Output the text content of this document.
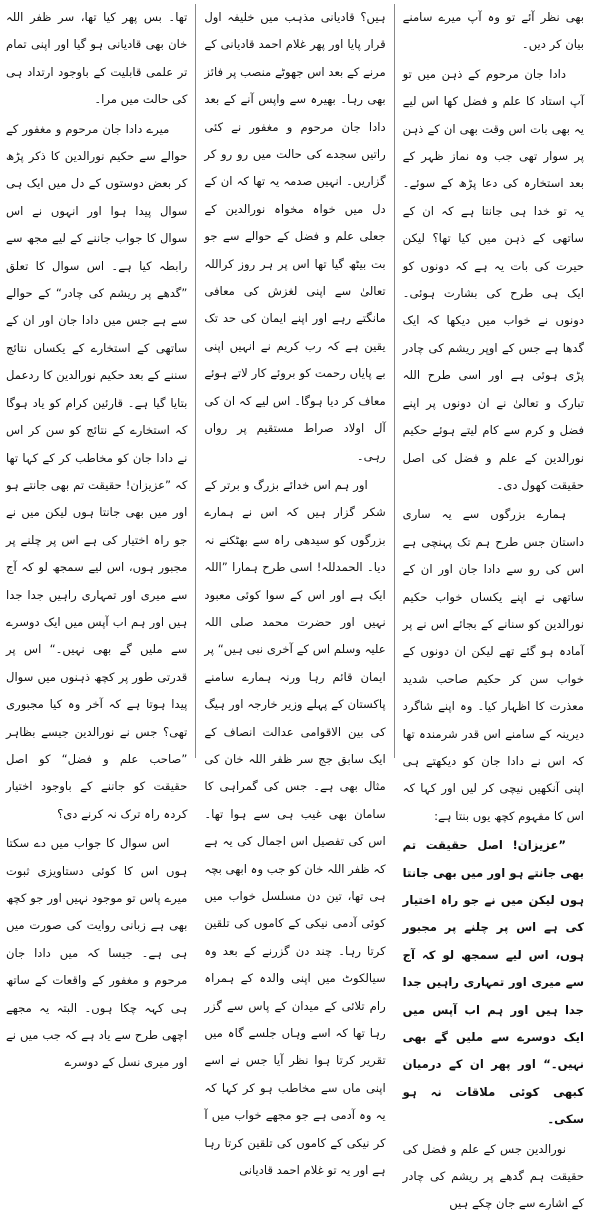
بھی نظر آئے تو وہ آپ میرے سامنے بیان کر دیں۔

دادا جان مرحوم کے ذہن میں تو آپ استاد کا علم و فضل کھا اس لیے یہ بھی بات اس وقت بھی ان کے ذہن پر سوار تھی جب وہ نماز ظہر کے بعد استخارہ کی دعا پڑھ کے سوئے۔ یہ تو خدا ہی جانتا ہے کہ ان کے ساتھی کے ذہن میں کیا تھا؟ لیکن حیرت کی بات یہ ہے کہ دونوں کو ایک ہی طرح کی بشارت ہوئی۔ دونوں نے خواب میں دیکھا کہ ایک گدھا ہے جس کے اوپر ریشم کی چادر پڑی ہوئی ہے اور اسی طرح اللہ تبارک و تعالیٰ نے ان دونوں پر اپنے فضل و کرم سے کام لیتے ہوئے حکیم نورالدین کے علم و فضل کی اصل حقیقت کھول دی۔

ہمارے بزرگوں سے یہ ساری داستان جس طرح ہم تک پہنچی ہے اس کی رو سے دادا جان اور ان کے ساتھی نے اپنے یکساں خواب حکیم نورالدین کو سنانے کے بجائے اس نے پر آمادہ ہو گئے تھے لیکن ان دونوں کے خواب سن کر حکیم صاحب شدید معذرت کا اظہار کیا۔ وہ اپنے شاگرد دیرینہ کے سامنے اس قدر شرمندہ تھا کہ اس نے دادا جان کو دیکھتے ہی اپنی آنکھیں نیچی کر لیں اور کہا کہ اس کا مفہوم کچھ یوں بنتا ہے:

”عزیزان! اصل حقیقت تم بھی جانتے ہو اور میں بھی جانتا ہوں لیکن میں نے جو راہ اختیار کی ہے اس پر چلنے پر مجبور ہوں، اس لیے سمجھ لو کہ آج سے میری اور تمہاری راہیں جدا جدا ہیں اور ہم اب آپس میں ایک دوسرے سے ملیں گے بھی نہیں۔“ اور پھر ان کے درمیان کبھی کوئی ملاقات نہ ہو سکی۔

نورالدین جس کے علم و فضل کی حقیقت ہم گدھے پر ریشم کی چادر کے اشارے سے جان چکے ہیں

ہیں؟ قادیانی مذہب میں خلیفہ اول قرار پایا اور پھر غلام احمد قادیانی کے مرنے کے بعد اس جھوٹے منصب پر فائز بھی رہا۔ بھیرہ سے واپس آنے کے بعد دادا جان مرحوم و مغفور نے کئی راتیں سجدے کی حالت میں رو رو کر گزاریں۔ انہیں صدمہ یہ تھا کہ ان کے دل میں خواہ مخواہ نورالدین کے جعلی علم و فضل کے حوالے سے جو بت بیٹھ گیا تھا اس پر ہر روز کراللہ تعالیٰ سے اپنی لغزش کی معافی مانگتے رہے اور اپنے ایمان کی حد تک یقین ہے کہ رب کریم نے انہیں اپنی بے پایاں رحمت کو بروئے کار لاتے ہوئے معاف کر دیا ہوگا۔ اس لیے کہ ان کی آل اولاد صراط مستقیم پر رواں رہی۔

اور ہم اس خدائے بزرگ و برتر کے شکر گزار ہیں کہ اس نے ہمارے بزرگوں کو سیدھی راہ سے بھٹکنے نہ دیا۔ الحمدللہ! اسی طرح ہمارا ”اللہ ایک ہے اور اس کے سوا کوئی معبود نہیں اور حضرت محمد صلی اللہ علیہ وسلم اس کے آخری نبی ہیں“ پر ایمان قائم رہا ورنہ ہمارے سامنے پاکستان کے پہلے وزیر خارجہ اور ہیگ کی بین الاقوامی عدالت انصاف کے ایک سابق جج سر ظفر اللہ خان کی مثال بھی ہے۔ جس کی گمراہی کا سامان بھی غیب ہی سے ہوا تھا۔ اس کی تفصیل اس اجمال کی یہ ہے کہ ظفر اللہ خان کو جب وہ ابھی بچہ ہی تھا، تین دن مسلسل خواب میں کوئی آدمی نیکی کے کاموں کی تلقین کرتا رہا۔ چند دن گزرنے کے بعد وہ سیالکوٹ میں اپنی والدہ کے ہمراہ رام تلائی کے میدان کے پاس سے گزر رہا تھا کہ اسے وہاں جلسے گاہ میں تقریر کرتا ہوا نظر آیا جس نے اسے اپنی ماں سے مخاطب ہو کر کہا کہ یہ وہ آدمی ہے جو مجھے خواب میں آ کر نیکی کے کاموں کی تلقین کرتا رہا ہے اور یہ تو غلام احمد قادیانی

تھا۔ بس پھر کیا تھا، سر ظفر اللہ خان بھی قادیانی ہو گیا اور اپنی تمام تر علمی قابلیت کے باوجود ارتداد ہی کی حالت میں مرا۔

میرے دادا جان مرحوم و مغفور کے حوالے سے حکیم نورالدین کا ذکر پڑھ کر بعض دوستوں کے دل میں ایک ہی سوال پیدا ہوا اور انہوں نے اس سوال کا جواب جاننے کے لیے مجھ سے رابطہ کیا ہے۔ اس سوال کا تعلق ”گدھے پر ریشم کی چادر“ کے حوالے سے ہے جس میں دادا جان اور ان کے ساتھی کے استخارے کے یکساں نتائج سننے کے بعد حکیم نورالدین کا ردعمل بتایا گیا ہے۔ قارئین کرام کو یاد ہوگا کہ استخارے کے نتائج کو سن کر اس نے دادا جان کو مخاطب کر کے کہا تھا کہ ”عزیزان! حقیقت تم بھی جانتے ہو اور میں بھی جانتا ہوں لیکن میں نے جو راہ اختیار کی ہے اس پر چلنے پر مجبور ہوں، اس لیے سمجھ لو کہ آج سے میری اور تمہاری راہیں جدا جدا ہیں اور ہم اب آپس میں ایک دوسرے سے ملیں گے بھی نہیں۔“ اس پر قدرتی طور پر کچھ ذہنوں میں سوال پیدا ہوتا ہے کہ آخر وہ کیا مجبوری تھی؟ جس نے نورالدین جیسے بظاہر ”صاحب علم و فضل“ کو اصل حقیقت کو جاننے کے باوجود اختیار کردہ راہ ترک نہ کرنے دی؟

اس سوال کا جواب میں دے سکتا ہوں اس کا کوئی دستاویزی ثبوت میرے پاس تو موجود نہیں اور جو کچھ بھی ہے زبانی روایت کی صورت میں ہی ہے۔ جیسا کہ میں دادا جان مرحوم و مغفور کے واقعات کے ساتھ ہی کہہ چکا ہوں۔ البتہ یہ مجھے اچھی طرح سے یاد ہے کہ جب میں نے اور میری نسل کے دوسرے
